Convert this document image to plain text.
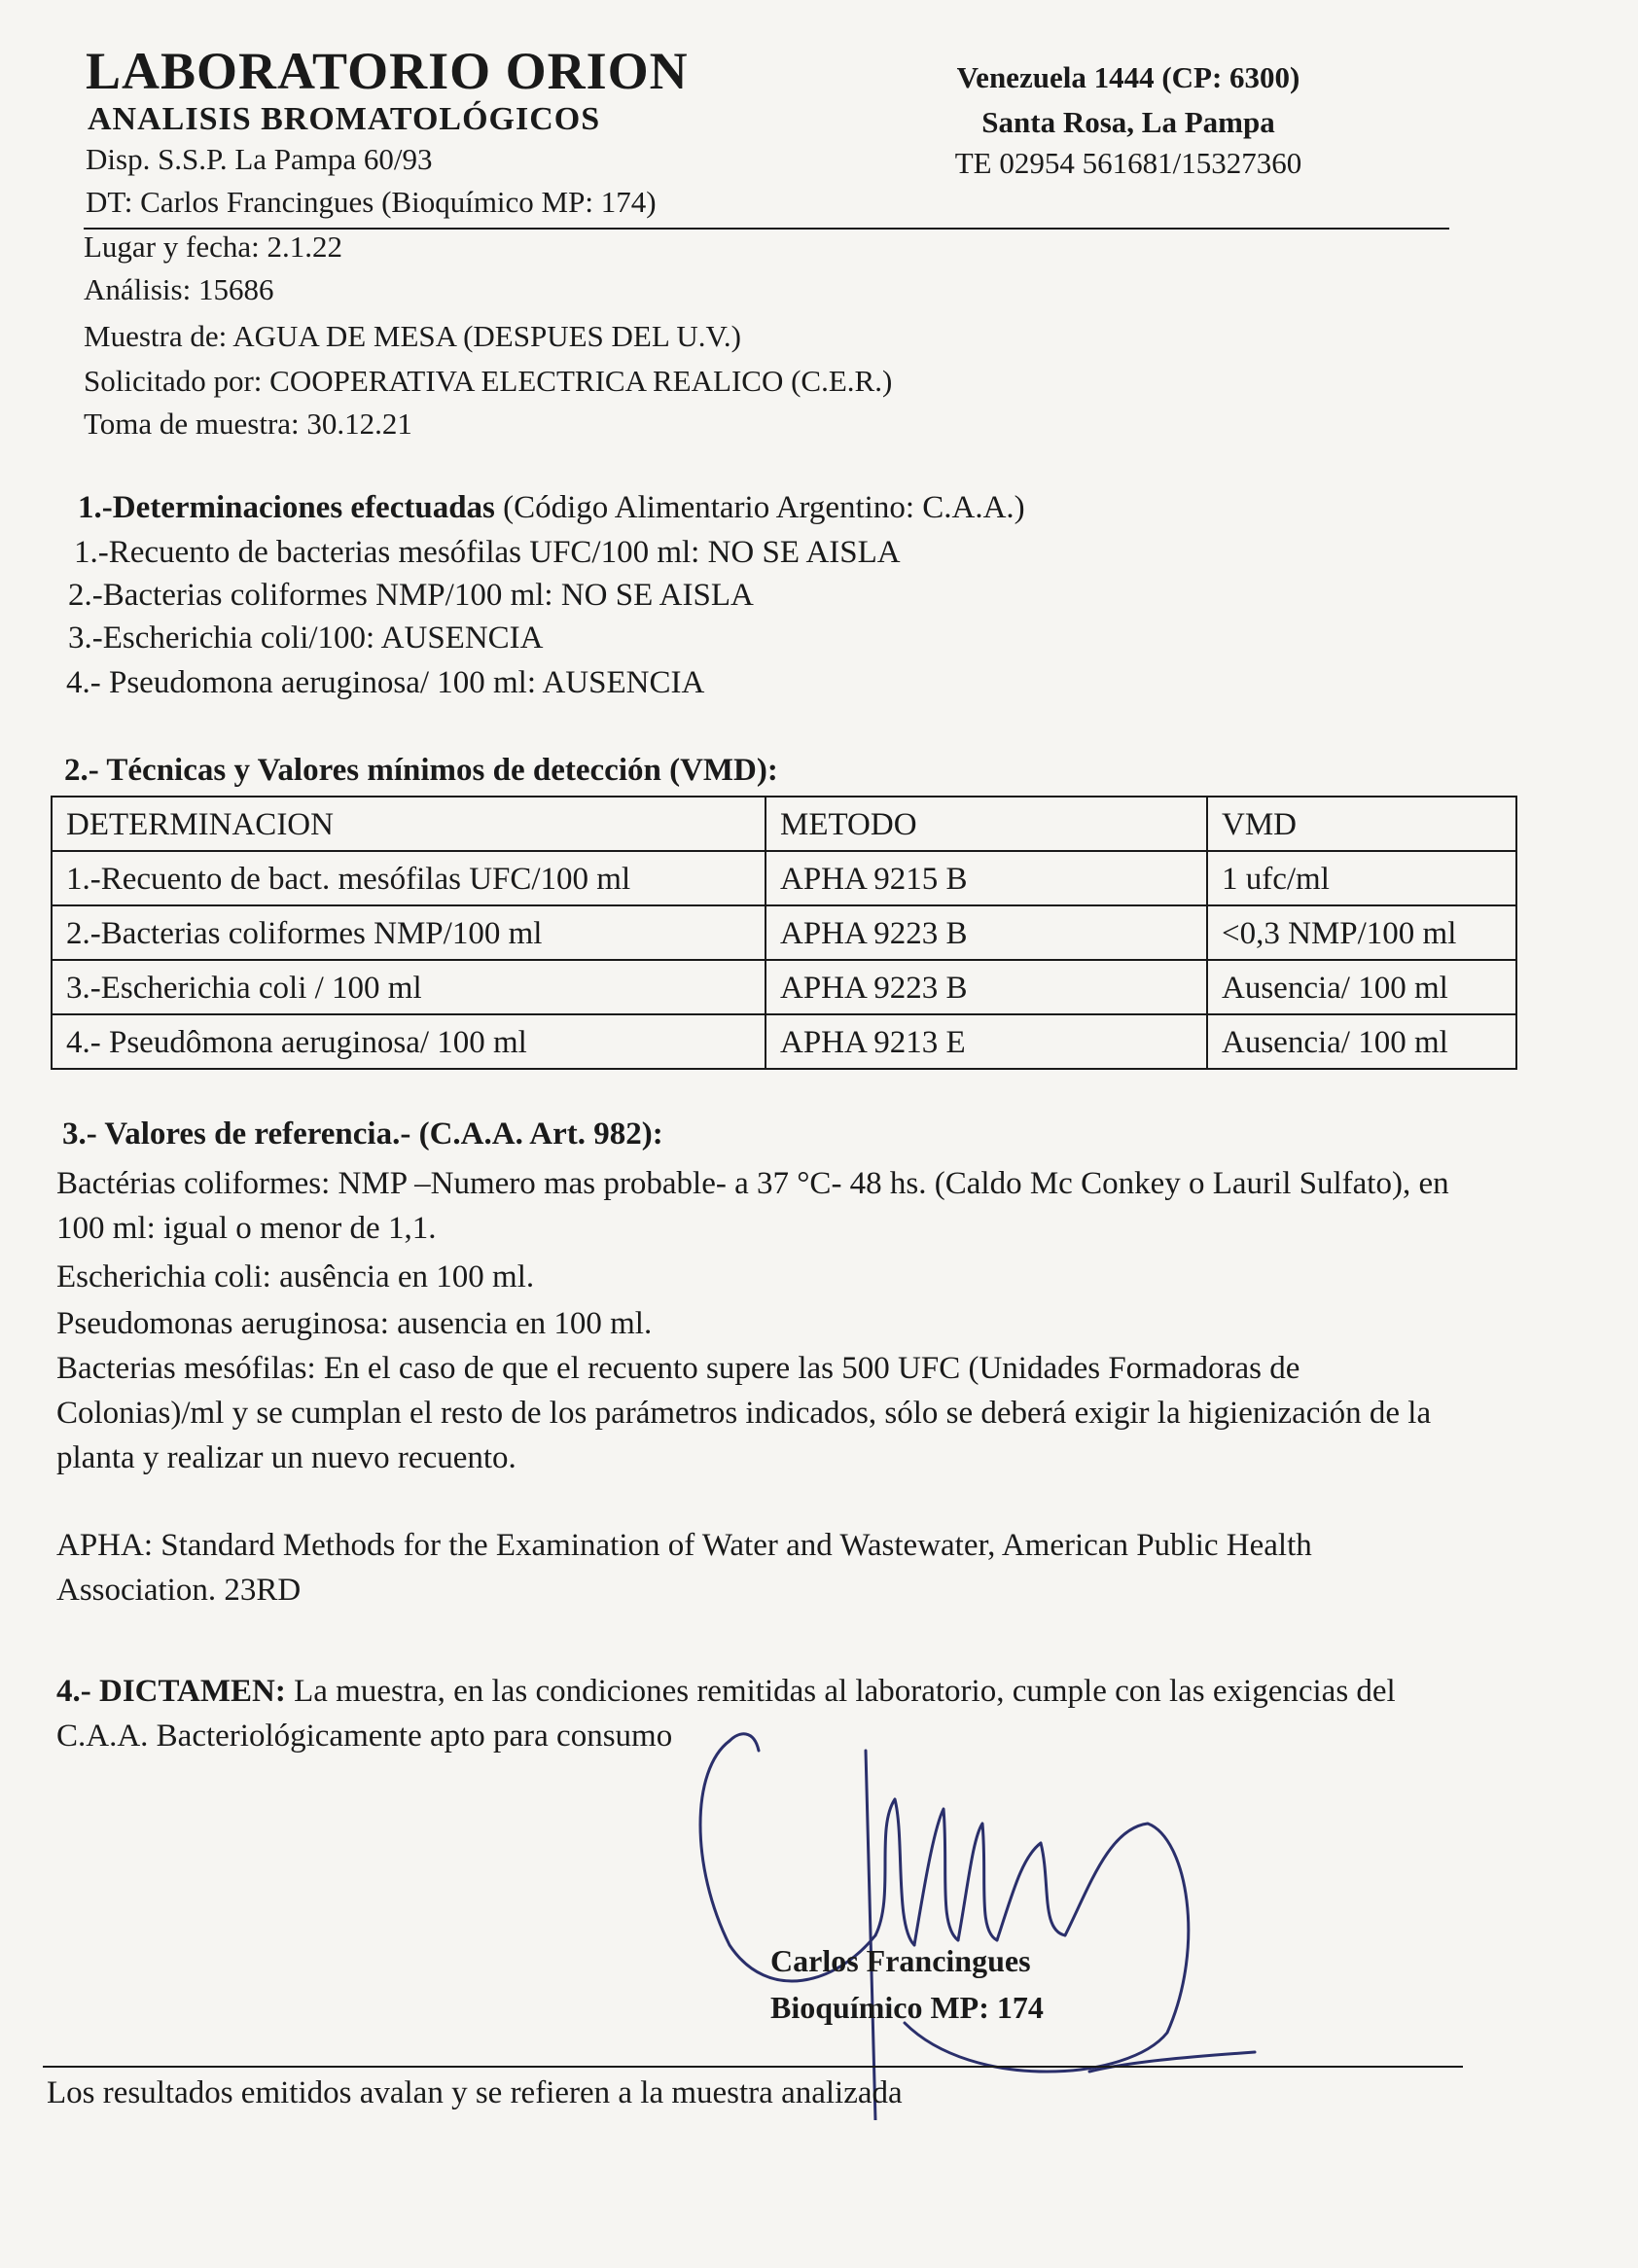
LABORATORIO ORION
ANALISIS BROMATOLÓGICOS
Disp. S.S.P. La Pampa 60/93
DT: Carlos Francingues (Bioquímico MP: 174)
Venezuela 1444 (CP: 6300)
Santa Rosa, La Pampa
TE 02954 561681/15327360
Lugar y fecha: 2.1.22
Análisis: 15686
Muestra de: AGUA DE MESA (DESPUES DEL U.V.)
Solicitado por: COOPERATIVA ELECTRICA REALICO (C.E.R.)
Toma de muestra: 30.12.21
1.-Determinaciones efectuadas (Código Alimentario Argentino: C.A.A.)
1.-Recuento de bacterias mesófilas UFC/100 ml: NO SE AISLA
2.-Bacterias coliformes NMP/100 ml: NO SE AISLA
3.-Escherichia coli/100: AUSENCIA
4.- Pseudomona aeruginosa/ 100 ml: AUSENCIA
2.- Técnicas y Valores mínimos de detección (VMD):
DETERMINACION	METODO	VMD
1.-Recuento de bact. mesófilas UFC/100 ml	APHA 9215 B	1 ufc/ml
2.-Bacterias coliformes NMP/100 ml	APHA 9223 B	<0,3 NMP/100 ml
3.-Escherichia coli / 100 ml	APHA 9223 B	Ausencia/ 100 ml
4.- Pseudômona aeruginosa/ 100 ml	APHA 9213 E	Ausencia/ 100 ml
3.- Valores de referencia.- (C.A.A. Art. 982):
Bactérias coliformes: NMP –Numero mas probable- a 37 °C- 48 hs. (Caldo Mc Conkey o Lauril Sulfato), en 100 ml: igual o menor de 1,1.
Escherichia coli: ausência en 100 ml.
Pseudomonas aeruginosa: ausencia en 100 ml.
Bacterias mesófilas: En el caso de que el recuento supere las 500 UFC (Unidades Formadoras de Colonias)/ml y se cumplan el resto de los parámetros indicados, sólo se deberá exigir la higienización de la planta y realizar un nuevo recuento.
APHA: Standard Methods for the Examination of Water and Wastewater, American Public Health Association. 23RD
4.- DICTAMEN: La muestra, en las condiciones remitidas al laboratorio, cumple con las exigencias del C.A.A. Bacteriológicamente apto para consumo
Carlos Francingues
Bioquímico MP: 174
Los resultados emitidos avalan y se refieren a la muestra analizada
